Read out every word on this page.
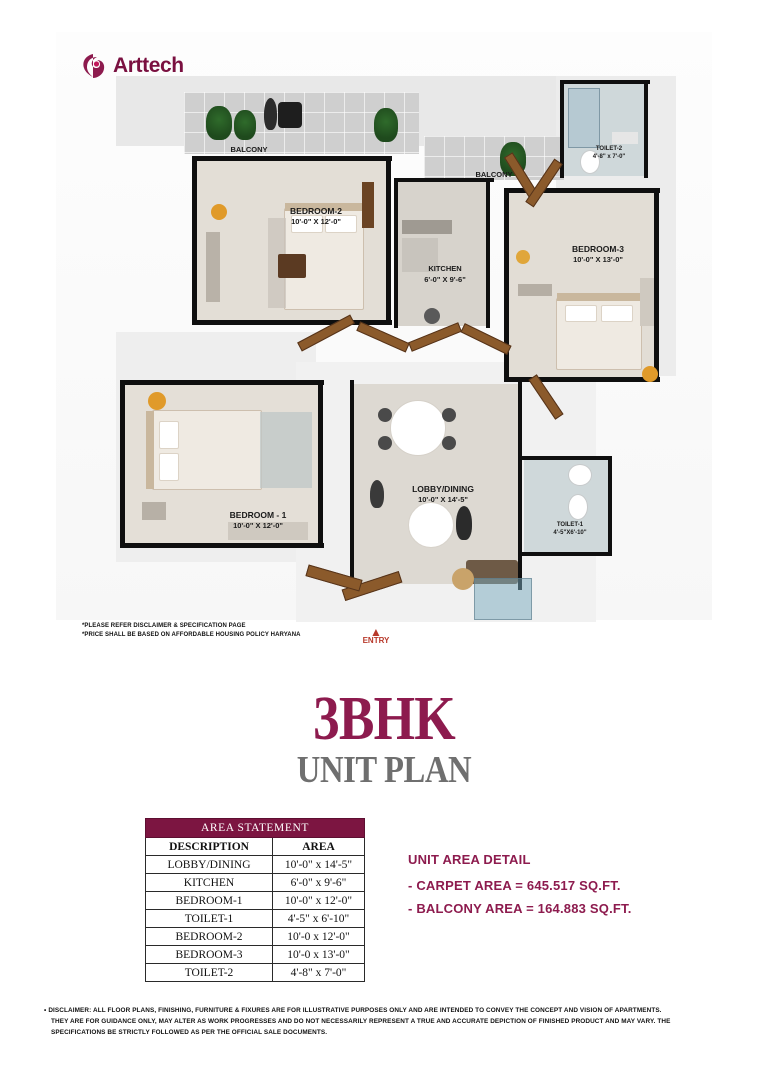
Arttech
BALCONY
BALCONY
TOILET-2
4'-8" x 7'-0"
BEDROOM-2
10'-0" X 12'-0"
KITCHEN
6'-0" X 9'-6"
BEDROOM-3
10'-0" X 13'-0"
BEDROOM - 1
10'-0" X 12'-0"
LOBBY/DINING
10'-0" X 14'-5"
TOILET-1
4'-5"X6'-10"
▲
ENTRY
*PLEASE REFER DISCLAIMER & SPECIFICATION PAGE
*PRICE SHALL BE BASED ON AFFORDABLE HOUSING POLICY HARYANA
3BHK
UNIT PLAN
AREA STATEMENT	
DESCRIPTION	AREA
LOBBY/DINING	10'-0" x 14'-5"
KITCHEN	6'-0" x 9'-6"
BEDROOM-1	10'-0" x 12'-0"
TOILET-1	4'-5" x 6'-10"
BEDROOM-2	10'-0 x 12'-0"
BEDROOM-3	10'-0 x 13'-0"
TOILET-2	4'-8" x 7'-0"
UNIT AREA DETAIL
- CARPET AREA = 645.517 SQ.FT.
- BALCONY AREA = 164.883 SQ.FT.
• DISCLAIMER: ALL FLOOR PLANS, FINISHING, FURNITURE & FIXURES ARE FOR ILLUSTRATIVE PURPOSES ONLY AND ARE INTENDED TO CONVEY THE CONCEPT AND VISION OF APARTMENTS.
THEY ARE FOR GUIDANCE ONLY, MAY ALTER AS WORK PROGRESSES AND DO NOT NECESSARILY REPRESENT A TRUE AND ACCURATE DEPICTION OF FINISHED PRODUCT AND MAY VARY. THE
SPECIFICATIONS BE STRICTLY FOLLOWED AS PER THE OFFICIAL SALE DOCUMENTS.
